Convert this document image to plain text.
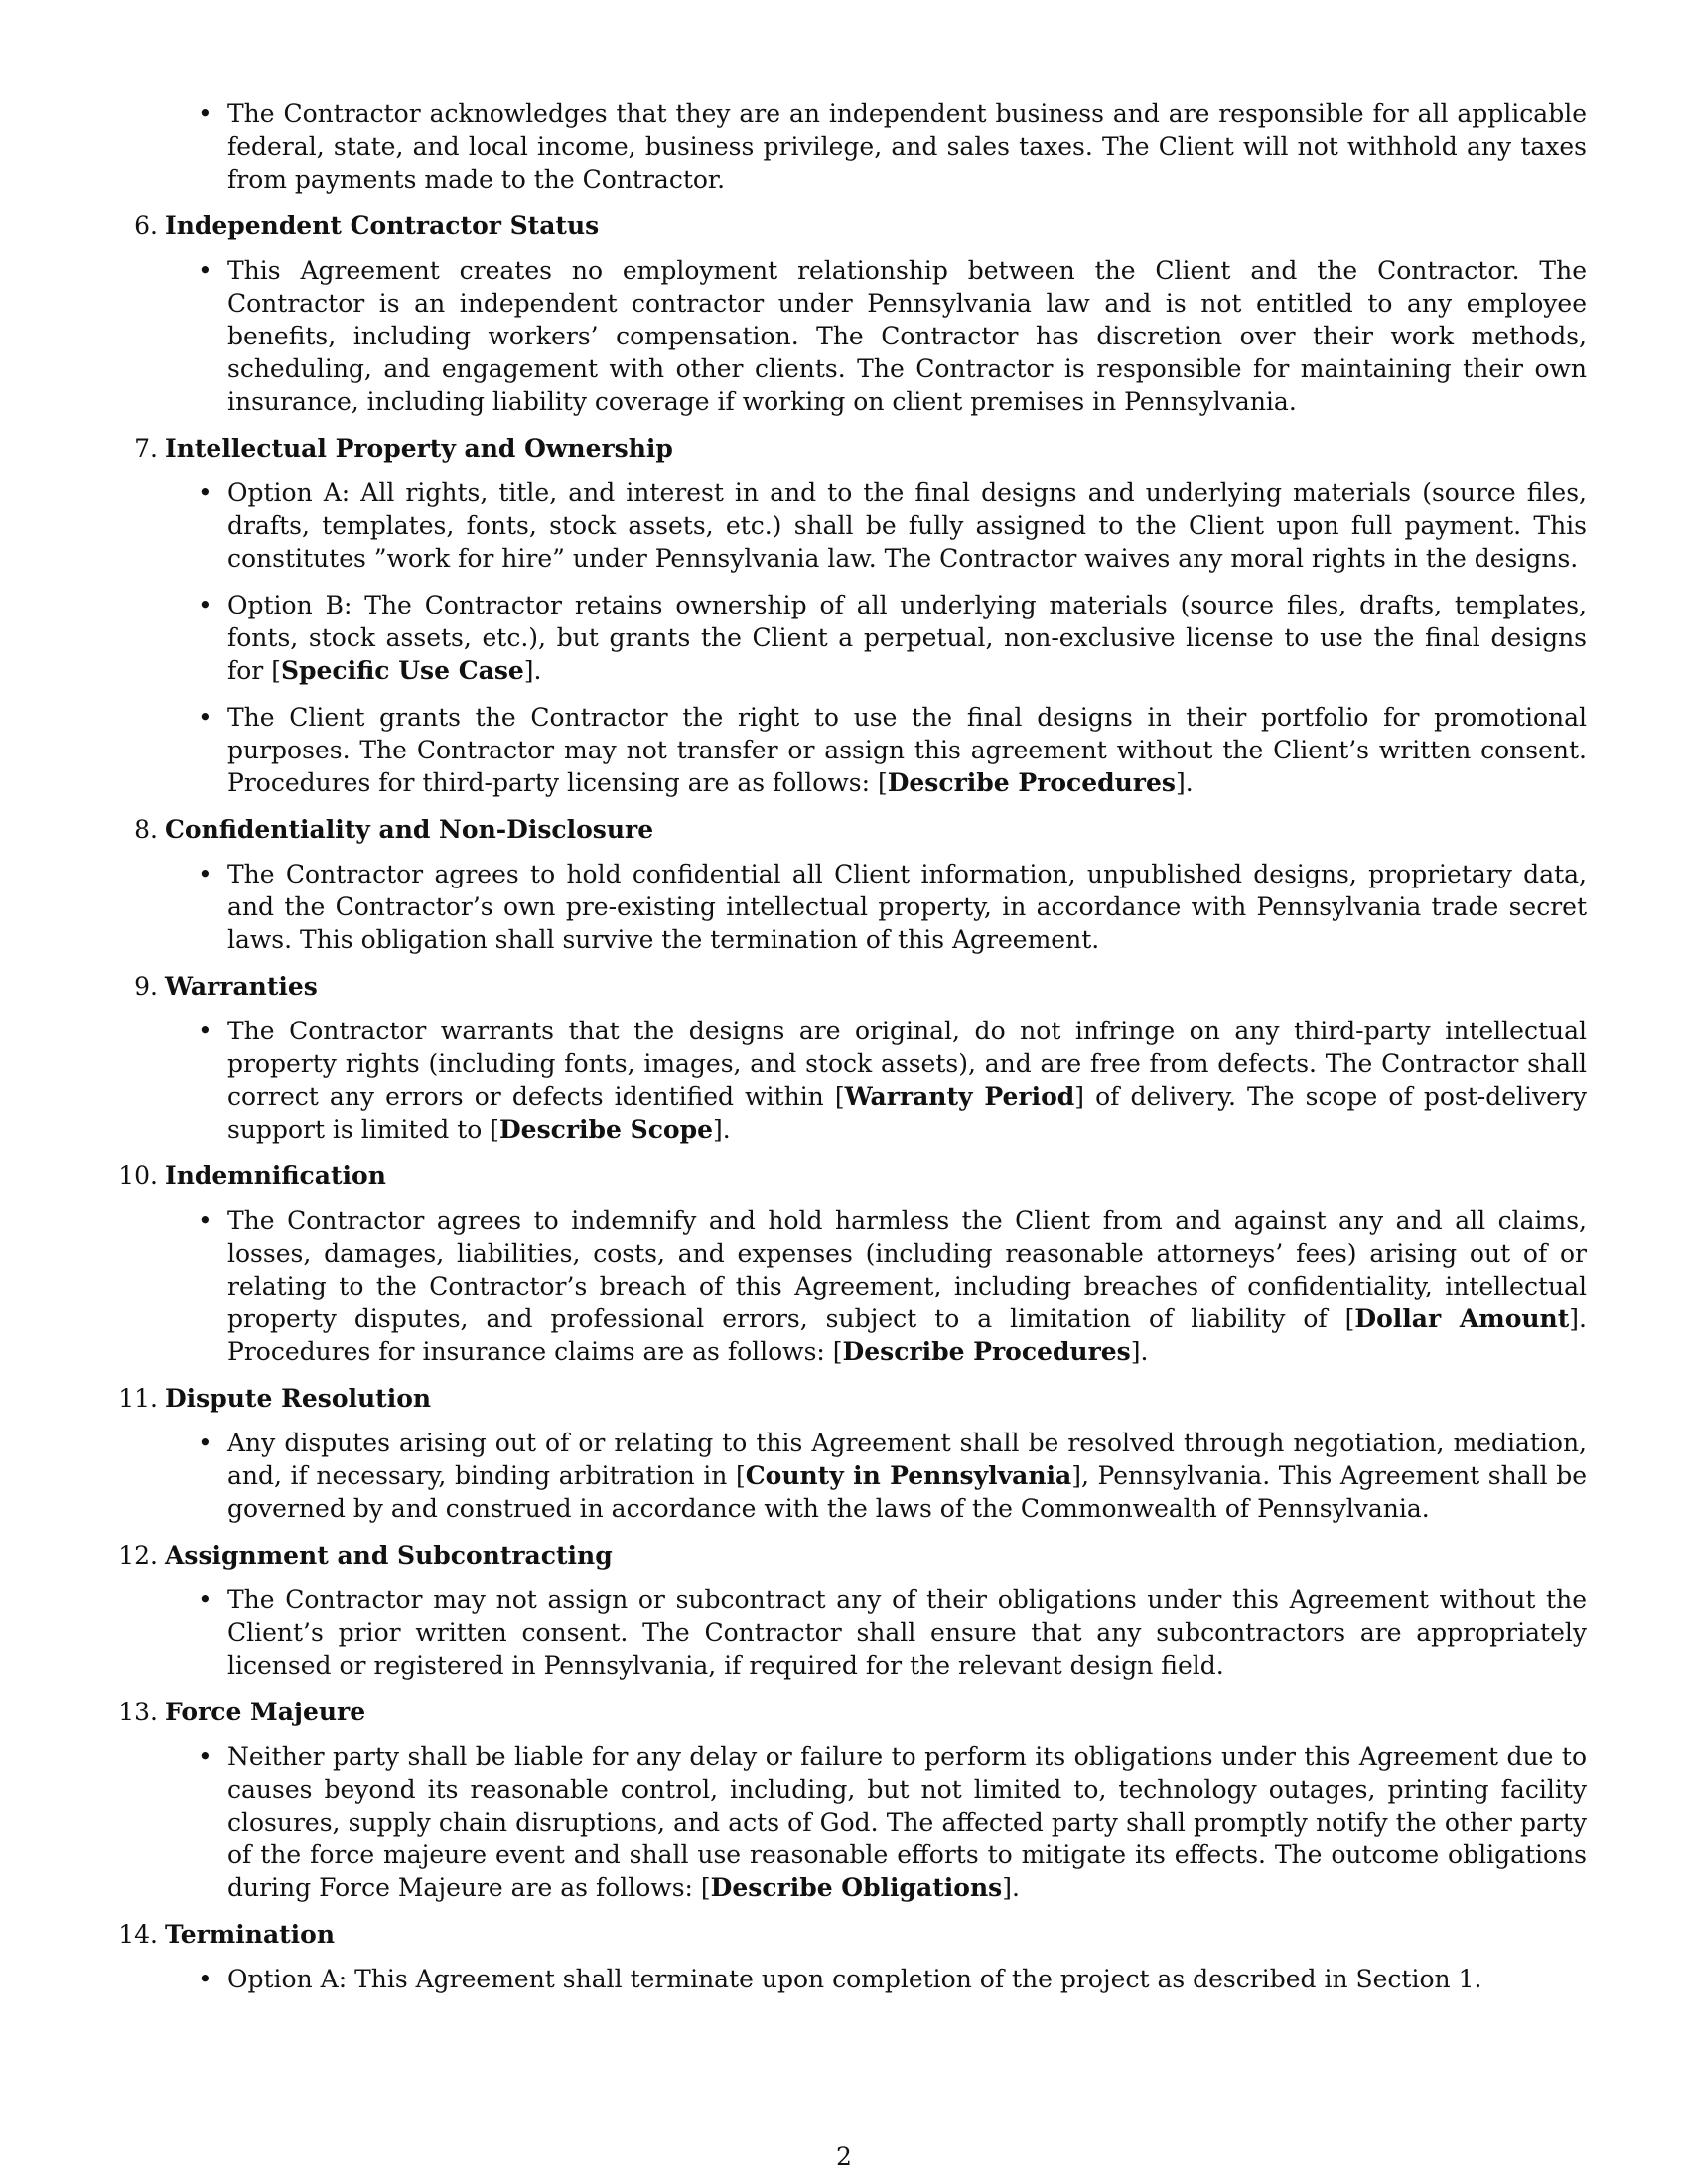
• The Contractor acknowledges that they are an independent business and are responsible for all applicable federal, state, and local income, business privilege, and sales taxes. The Client will not withhold any taxes from payments made to the Contractor.
6. Independent Contractor Status
• This Agreement creates no employment relationship between the Client and the Contractor. The Contractor is an independent contractor under Pennsylvania law and is not entitled to any employee benefits, including workers’ compensation. The Contractor has discretion over their work methods, scheduling, and engagement with other clients. The Contractor is responsible for maintaining their own insurance, including liability coverage if working on client premises in Pennsylvania.
7. Intellectual Property and Ownership
• Option A: All rights, title, and interest in and to the final designs and underlying materials (source files, drafts, templates, fonts, stock assets, etc.) shall be fully assigned to the Client upon full payment. This constitutes ”work for hire” under Pennsylvania law. The Contractor waives any moral rights in the designs.
• Option B: The Contractor retains ownership of all underlying materials (source files, drafts, templates, fonts, stock assets, etc.), but grants the Client a perpetual, non-exclusive license to use the final designs for [Specific Use Case].
• The Client grants the Contractor the right to use the final designs in their portfolio for promotional purposes. The Contractor may not transfer or assign this agreement without the Client’s written consent. Procedures for third-party licensing are as follows: [Describe Procedures].
8. Confidentiality and Non-Disclosure
• The Contractor agrees to hold confidential all Client information, unpublished designs, proprietary data, and the Contractor’s own pre-existing intellectual property, in accordance with Pennsylvania trade secret laws. This obligation shall survive the termination of this Agreement.
9. Warranties
• The Contractor warrants that the designs are original, do not infringe on any third-party intellectual property rights (including fonts, images, and stock assets), and are free from defects. The Contractor shall correct any errors or defects identified within [Warranty Period] of delivery. The scope of post-delivery support is limited to [Describe Scope].
10. Indemnification
• The Contractor agrees to indemnify and hold harmless the Client from and against any and all claims, losses, damages, liabilities, costs, and expenses (including reasonable attorneys’ fees) arising out of or relating to the Contractor’s breach of this Agreement, including breaches of confidentiality, intellectual property disputes, and professional errors, subject to a limitation of liability of [Dollar Amount]. Procedures for insurance claims are as follows: [Describe Procedures].
11. Dispute Resolution
• Any disputes arising out of or relating to this Agreement shall be resolved through negotiation, mediation, and, if necessary, binding arbitration in [County in Pennsylvania], Pennsylvania. This Agreement shall be governed by and construed in accordance with the laws of the Commonwealth of Pennsylvania.
12. Assignment and Subcontracting
• The Contractor may not assign or subcontract any of their obligations under this Agreement without the Client’s prior written consent. The Contractor shall ensure that any subcontractors are appropriately licensed or registered in Pennsylvania, if required for the relevant design field.
13. Force Majeure
• Neither party shall be liable for any delay or failure to perform its obligations under this Agreement due to causes beyond its reasonable control, including, but not limited to, technology outages, printing facility closures, supply chain disruptions, and acts of God. The affected party shall promptly notify the other party of the force majeure event and shall use reasonable efforts to mitigate its effects. The outcome obligations during Force Majeure are as follows: [Describe Obligations].
14. Termination
• Option A: This Agreement shall terminate upon completion of the project as described in Section 1.
2
